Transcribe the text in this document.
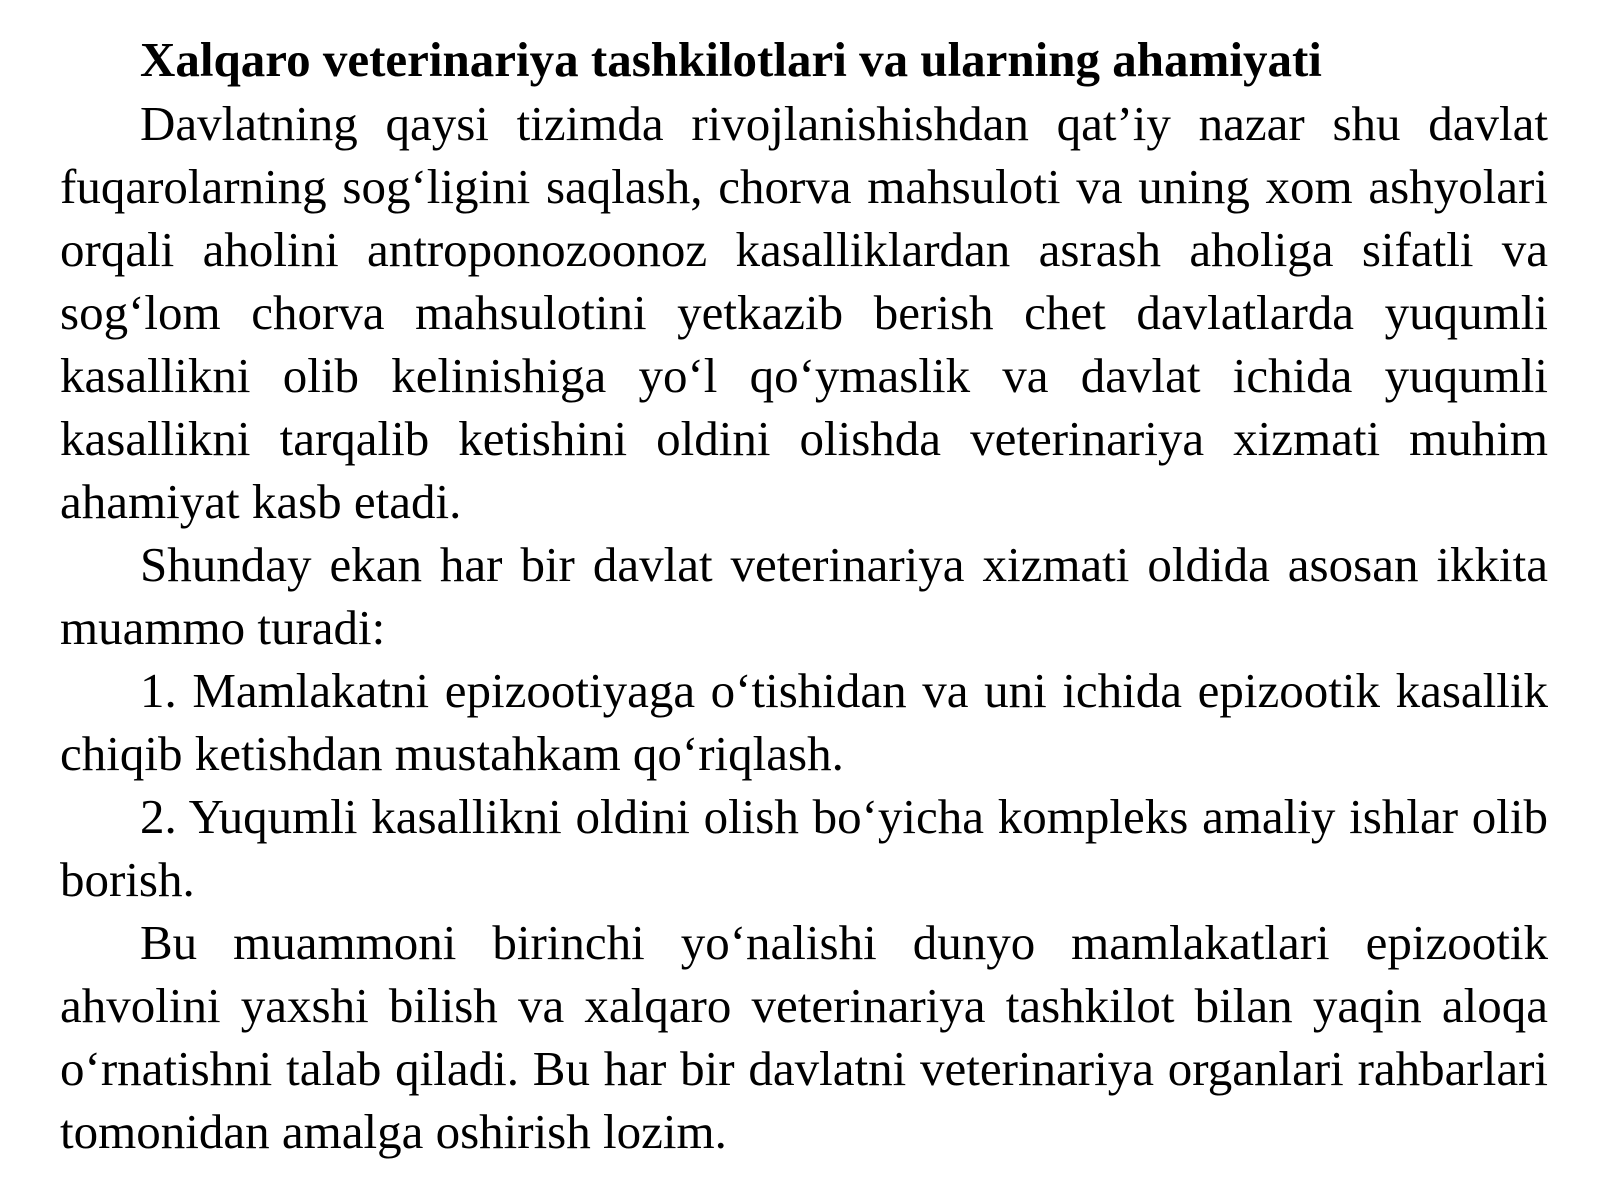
Xalqaro veterinariya tashkilotlari va ularning ahamiyati

Davlatning qaysi tizimda rivojlanishishdan qat’iy nazar shu davlat fuqarolarning sog‘ligini saqlash, chorva mahsuloti va uning xom ashyolari orqali aholini antroponozoonoz kasalliklardan asrash aholiga sifatli va sog‘lom chorva mahsulotini yetkazib berish chet davlatlarda yuqumli kasallikni olib kelinishiga yo‘l qo‘ymaslik va davlat ichida yuqumli kasallikni tarqalib ketishini oldini olishda veterinariya xizmati muhim ahamiyat kasb etadi.

Shunday ekan har bir davlat veterinariya xizmati oldida asosan ikkita muammo turadi:

1. Mamlakatni epizootiyaga o‘tishidan va uni ichida epizootik kasallik chiqib ketishdan mustahkam qo‘riqlash.

2. Yuqumli kasallikni oldini olish bo‘yicha kompleks amaliy ishlar olib borish.

Bu muammoni birinchi yo‘nalishi dunyo mamlakatlari epizootik ahvolini yaxshi bilish va xalqaro veterinariya tashkilot bilan yaqin aloqa o‘rnatishni talab qiladi. Bu har bir davlatni veterinariya organlari rahbarlari tomonidan amalga oshirish lozim.
